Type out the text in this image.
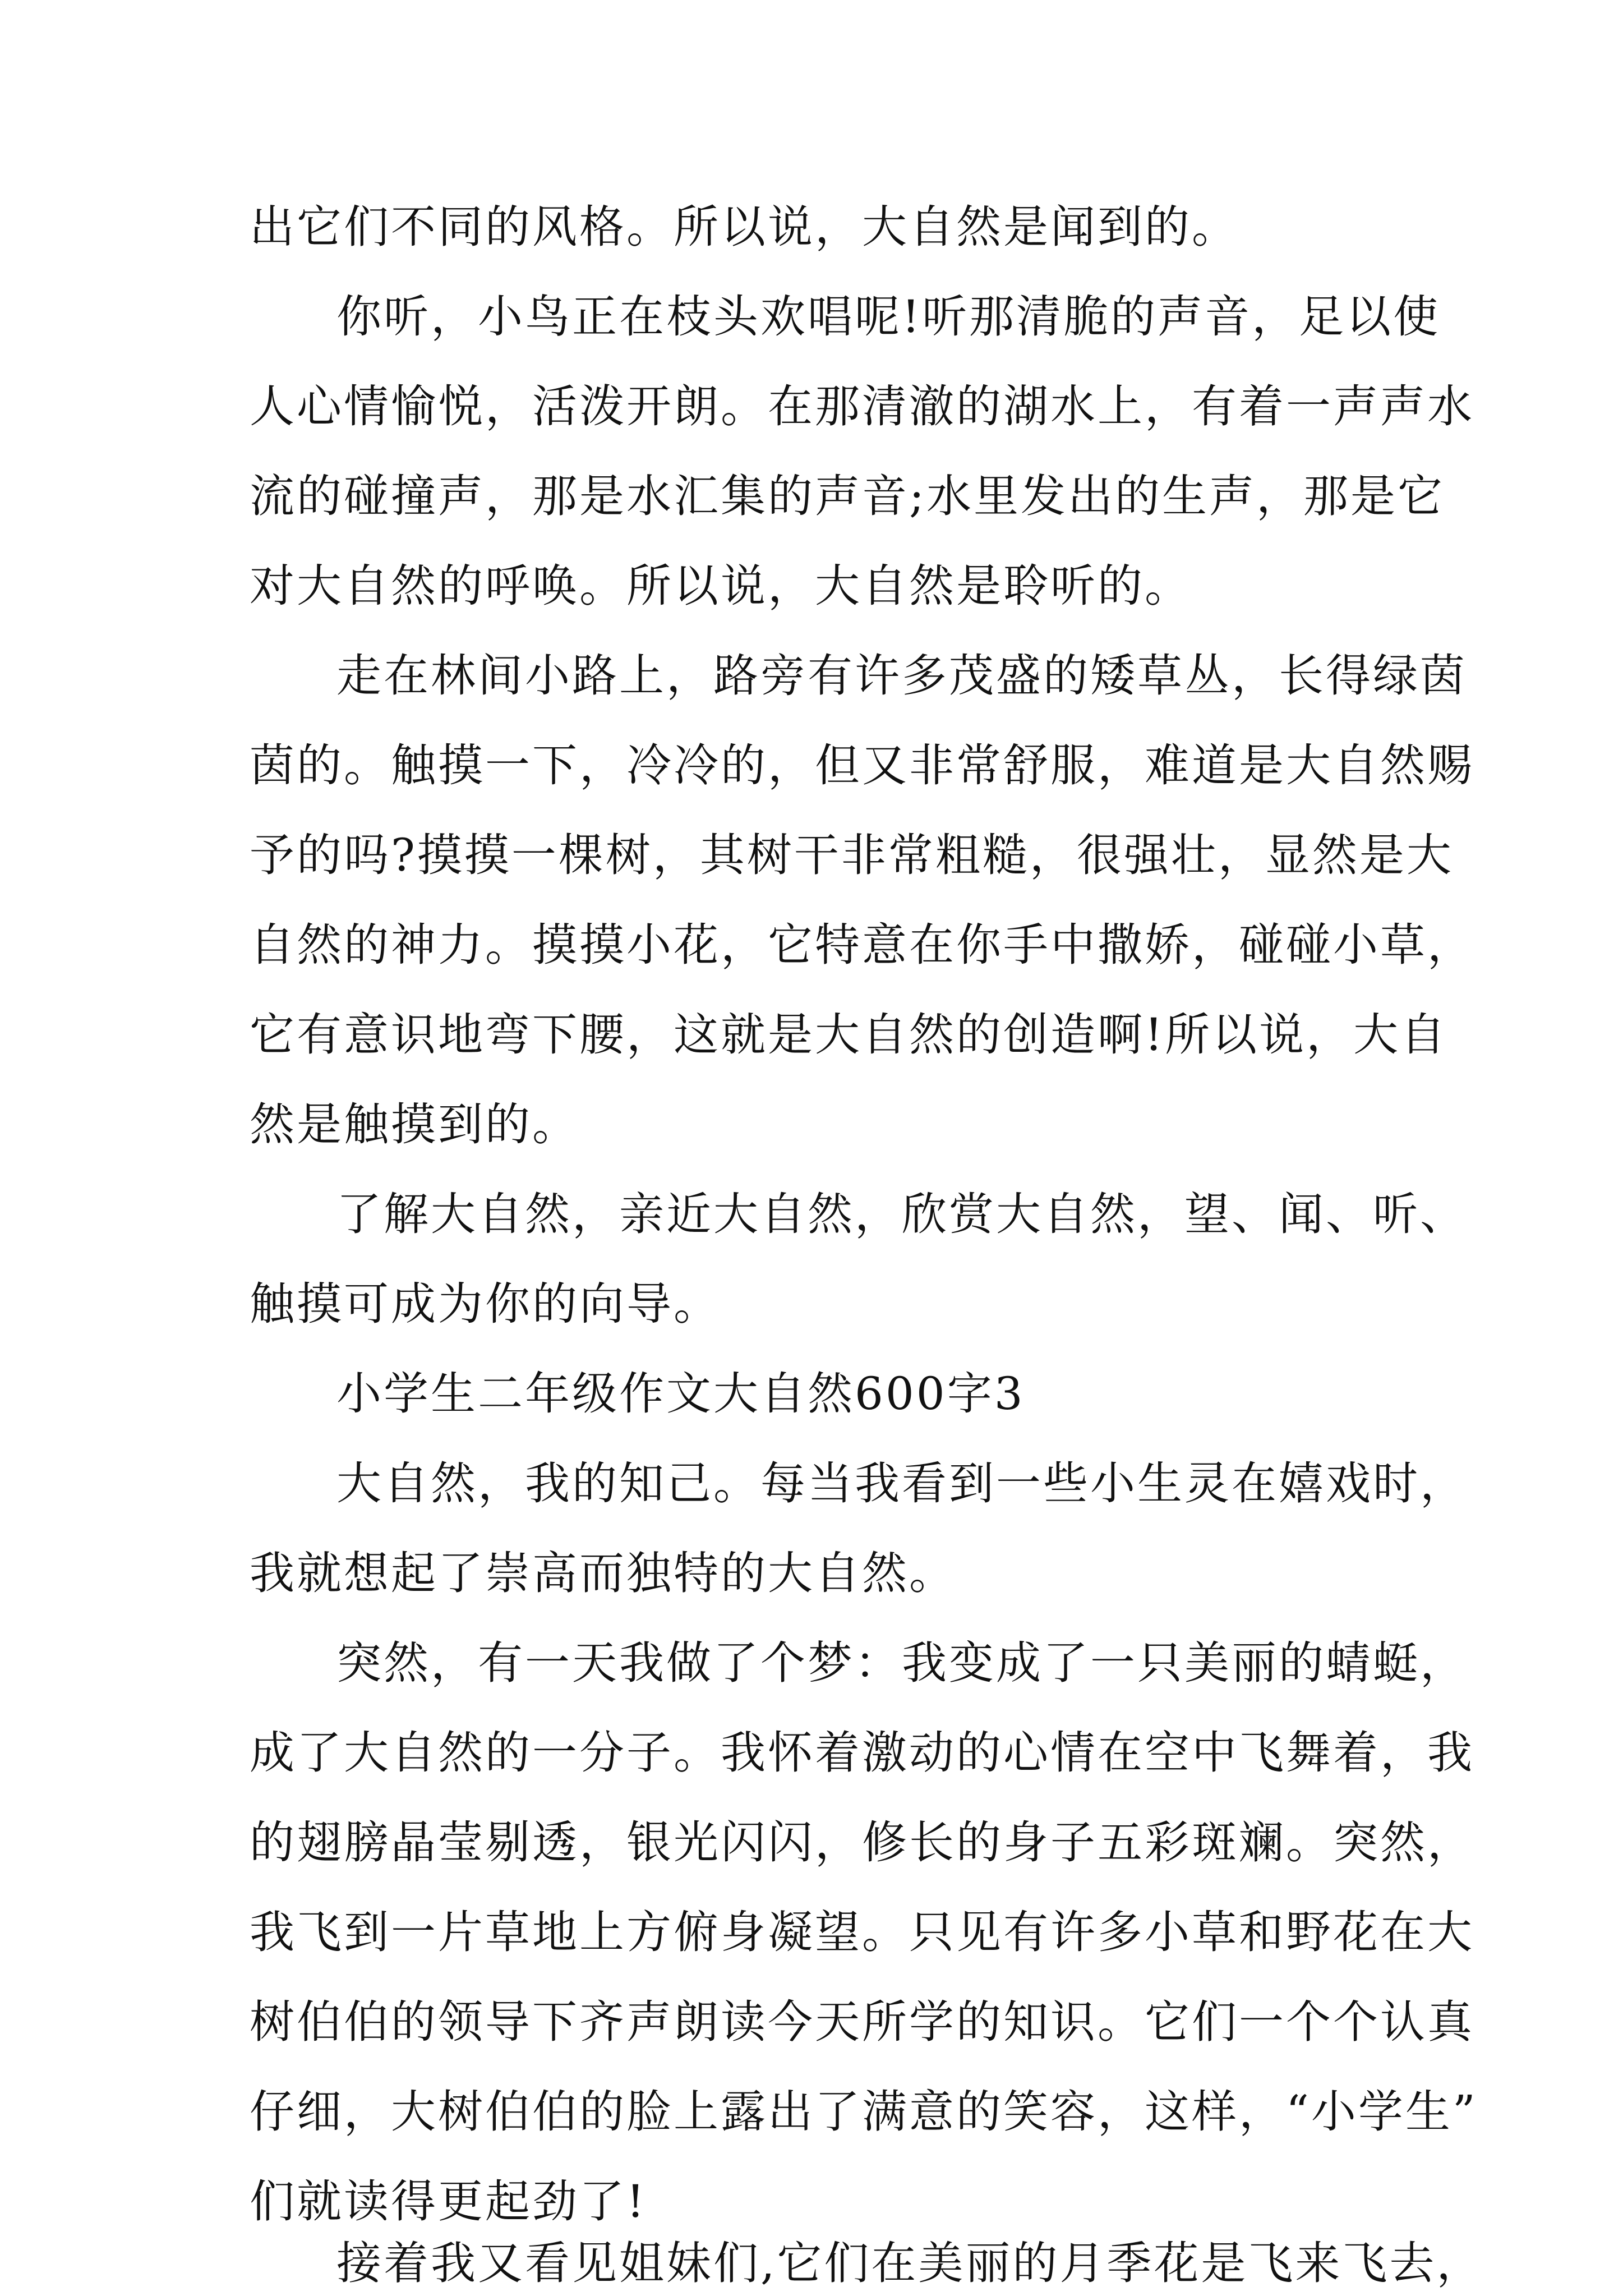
出它们不同的风格。所以说，大自然是闻到的。
你听，小鸟正在枝头欢唱呢!听那清脆的声音，足以使
人心情愉悦，活泼开朗。在那清澈的湖水上，有着一声声水
流的碰撞声，那是水汇集的声音;水里发出的生声，那是它
对大自然的呼唤。所以说，大自然是聆听的。
走在林间小路上，路旁有许多茂盛的矮草丛，长得绿茵
茵的。触摸一下，冷冷的，但又非常舒服，难道是大自然赐
予的吗?摸摸一棵树，其树干非常粗糙，很强壮，显然是大
自然的神力。摸摸小花，它特意在你手中撒娇，碰碰小草，
它有意识地弯下腰，这就是大自然的创造啊!所以说，大自
然是触摸到的。
了解大自然，亲近大自然，欣赏大自然，望、闻、听、
触摸可成为你的向导。
小学生二年级作文大自然600字3
大自然，我的知己。每当我看到一些小生灵在嬉戏时，
我就想起了崇高而独特的大自然。
突然，有一天我做了个梦：我变成了一只美丽的蜻蜓，
成了大自然的一分子。我怀着激动的心情在空中飞舞着，我
的翅膀晶莹剔透，银光闪闪，修长的身子五彩斑斓。突然，
我飞到一片草地上方俯身凝望。只见有许多小草和野花在大
树伯伯的领导下齐声朗读今天所学的知识。它们一个个认真
仔细，大树伯伯的脸上露出了满意的笑容，这样，“小学生”
们就读得更起劲了!
接着我又看见姐妹们,它们在美丽的月季花是飞来飞去，
